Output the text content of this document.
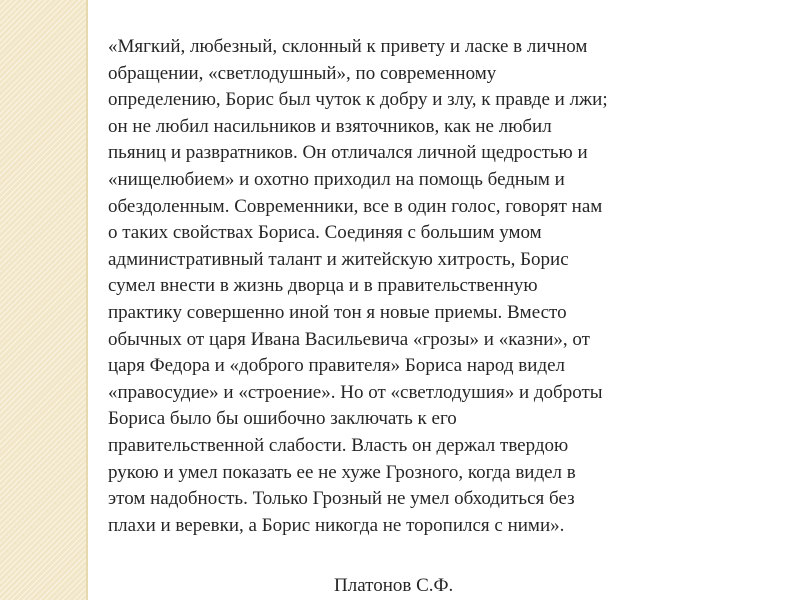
«Мягкий, любезный, склонный к привету и ласке в личном
обращении, «светлодушный», по современному
определению, Борис был чуток к добру и злу, к правде и лжи;
он не любил насильников и взяточников, как не любил
пьяниц и развратников. Он отличался личной щедростью и
«нищелюбием» и охотно приходил на помощь бедным и
обездоленным. Современники, все в один голос, говорят нам
о таких свойствах Бориса. Соединяя с большим умом
административный талант и житейскую хитрость, Борис
сумел внести в жизнь дворца и в правительственную
практику совершенно иной тон я новые приемы. Вместо
обычных от царя Ивана Васильевича «грозы» и «казни», от
царя Федора и «доброго правителя» Бориса народ видел
«правосудие» и «строение». Но от «светлодушия» и доброты
Бориса было бы ошибочно заключать к его
правительственной слабости. Власть он держал твердою
рукою и умел показать ее не хуже Грозного, когда видел в
этом надобность. Только Грозный не умел обходиться без
плахи и веревки, а Борис никогда не торопился с ними».

Платонов С.Ф.
